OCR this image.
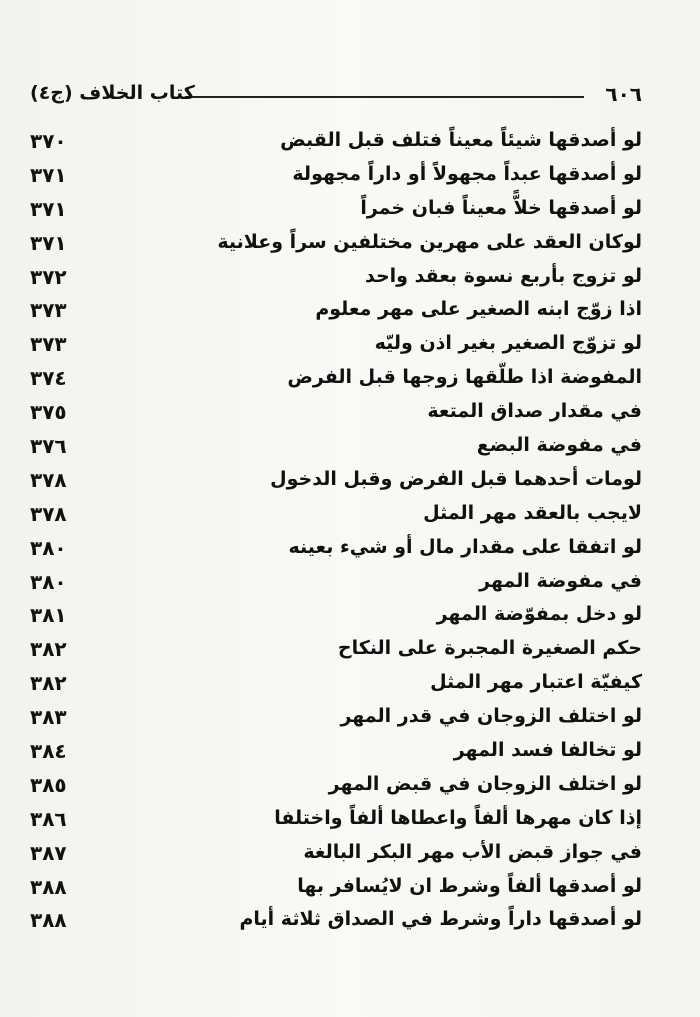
٦٠٦
كتاب الخلاف (ج٤)
لو أصدقها شيئاً معيناً فتلف قبل القبض
٣٧٠
لو أصدقها عبداً مجهولاً أو داراً مجهولة
٣٧١
لو أصدقها خلاًّ معيناً فبان خمراً
٣٧١
لوكان العقد على مهرين مختلفين سراً وعلانية
٣٧١
لو تزوج بأربع نسوة بعقد واحد
٣٧٢
اذا زوّج ابنه الصغير على مهر معلوم
٣٧٣
لو تزوّج الصغير بغير اذن وليّه
٣٧٣
المفوضة اذا طلّقها زوجها قبل الفرض
٣٧٤
في مقدار صداق المتعة
٣٧٥
في مفوضة البضع
٣٧٦
لومات أحدهما قبل الفرض وقبل الدخول
٣٧٨
لايجب بالعقد مهر المثل
٣٧٨
لو اتفقا على مقدار مال أو شيء بعينه
٣٨٠
في مفوضة المهر
٣٨٠
لو دخل بمفوّضة المهر
٣٨١
حكم الصغيرة المجبرة على النكاح
٣٨٢
كيفيّة اعتبار مهر المثل
٣٨٢
لو اختلف الزوجان في قدر المهر
٣٨٣
لو تخالفا فسد المهر
٣٨٤
لو اختلف الزوجان في قبض المهر
٣٨٥
إذا كان مهرها ألفاً واعطاها ألفاً واختلفا
٣٨٦
في جواز قبض الأب مهر البكر البالغة
٣٨٧
لو أصدقها ألفاً وشرط ان لايُسافر بها
٣٨٨
لو أصدقها داراً وشرط في الصداق ثلاثة أيام
٣٨٨
